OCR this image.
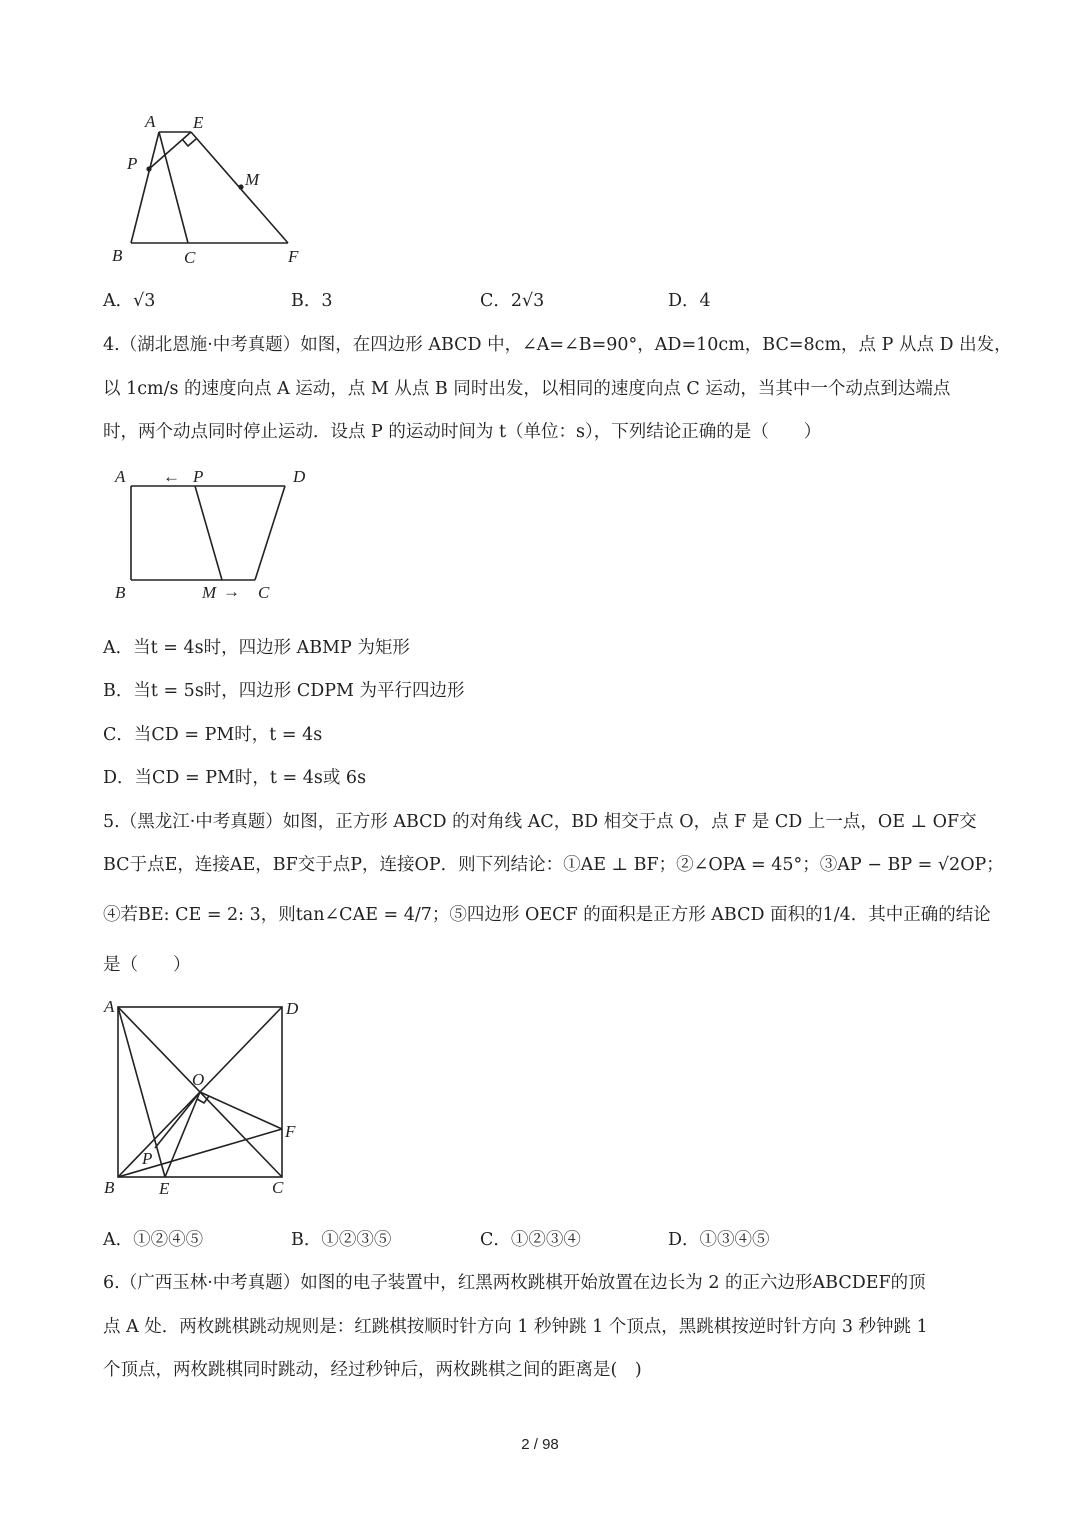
A E
P
M
B	C	F
A．√3	B．3	C．2√3	D．4
4.（湖北恩施·中考真题）如图，在四边形 ABCD 中，∠A=∠B=90°，AD=10cm，BC=8cm，点 P 从点 D 出发，
以 1cm/s 的速度向点 A 运动，点 M 从点 B 同时出发，以相同的速度向点 C 运动，当其中一个动点到达端点
时，两个动点同时停止运动．设点 P 的运动时间为 t（单位：s），下列结论正确的是（　　）
A ← P	D
B	M → C
A．当t = 4s时，四边形 ABMP 为矩形
B．当t = 5s时，四边形 CDPM 为平行四边形
C．当CD = PM时，t = 4s
D．当CD = PM时，t = 4s或 6s
5.（黑龙江·中考真题）如图，正方形 ABCD 的对角线 AC，BD 相交于点 O，点 F 是 CD 上一点，OE ⊥ OF交
BC于点E，连接AE，BF交于点P，连接OP．则下列结论：①AE ⊥ BF；②∠OPA = 45°；③AP − BP = √2OP；
④若BE: CE = 2: 3，则tan∠CAE = 4/7；⑤四边形 OECF 的面积是正方形 ABCD 面积的1/4．其中正确的结论
是（　　）
A	D
O
F
P
B	E	C
A．①②④⑤	B．①②③⑤	C．①②③④	D．①③④⑤
6.（广西玉林·中考真题）如图的电子装置中，红黑两枚跳棋开始放置在边长为 2 的正六边形ABCDEF的顶
点 A 处．两枚跳棋跳动规则是：红跳棋按顺时针方向 1 秒钟跳 1 个顶点，黑跳棋按逆时针方向 3 秒钟跳 1
个顶点，两枚跳棋同时跳动，经过秒钟后，两枚跳棋之间的距离是(　)
2 / 98
